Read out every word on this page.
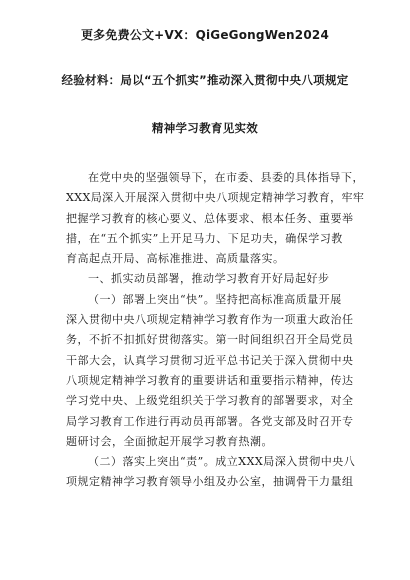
更多免费公文+VX：QiGeGongWen2024
经验材料：局以“五个抓实”推动深入贯彻中央八项规定
精神学习教育见实效
在党中央的坚强领导下，在市委、县委的具体指导下，
XXX局深入开展深入贯彻中央八项规定精神学习教育，牢牢
把握学习教育的核心要义、总体要求、根本任务、重要举
措，在“五个抓实”上开足马力、下足功夫，确保学习教
育高起点开局、高标准推进、高质量落实。
一、抓实动员部署，推动学习教育开好局起好步
（一）部署上突出“快”。坚持把高标准高质量开展
深入贯彻中央八项规定精神学习教育作为一项重大政治任
务，不折不扣抓好贯彻落实。第一时间组织召开全局党员
干部大会，认真学习贯彻习近平总书记关于深入贯彻中央
八项规定精神学习教育的重要讲话和重要指示精神，传达
学习党中央、上级党组织关于学习教育的部署要求，对全
局学习教育工作进行再动员再部署。各党支部及时召开专
题研讨会，全面掀起开展学习教育热潮。
（二）落实上突出“责”。成立XXX局深入贯彻中央八
项规定精神学习教育领导小组及办公室，抽调骨干力量组
